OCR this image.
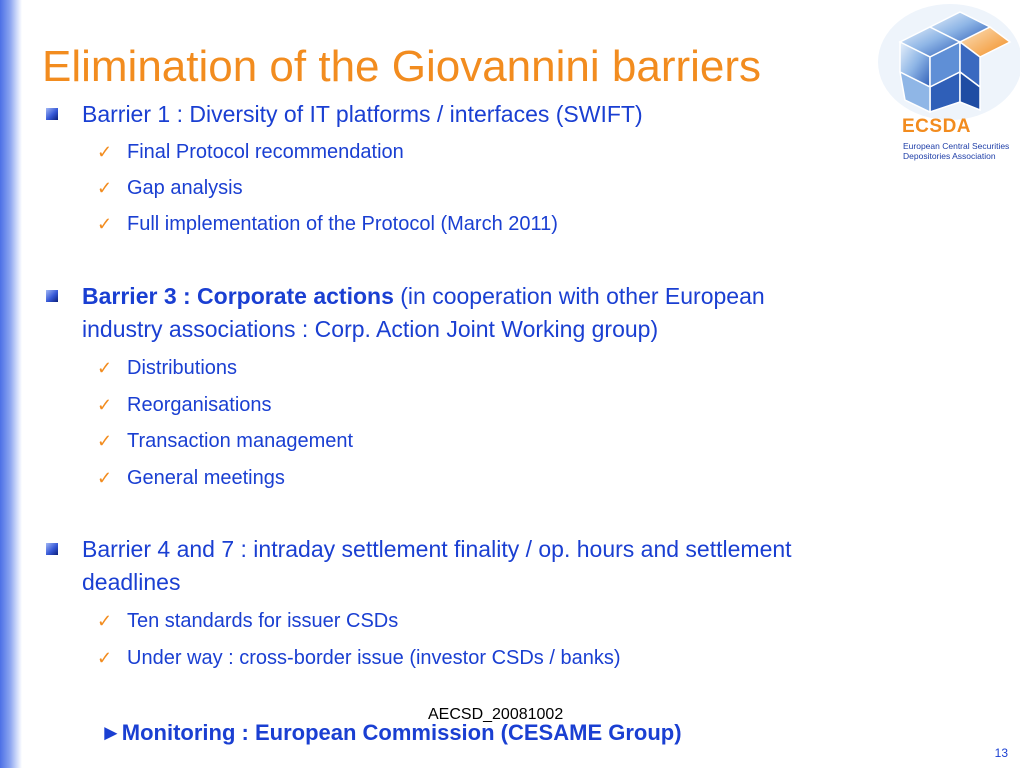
Elimination of the Giovannini barriers
ECSDA
European Central Securities
Depositories Association
Barrier 1 : Diversity of IT platforms / interfaces (SWIFT)
✓ Final Protocol recommendation
✓ Gap analysis
✓ Full implementation of the Protocol (March 2011)
Barrier 3 : Corporate actions (in cooperation with other European
industry associations : Corp. Action Joint Working group)
✓ Distributions
✓ Reorganisations
✓ Transaction management
✓ General meetings
Barrier 4 and 7 : intraday settlement finality / op. hours and settlement
deadlines
✓ Ten standards for issuer CSDs
✓ Under way : cross-border issue (investor CSDs / banks)
AECSD_20081002
►Monitoring : European Commission (CESAME Group)
13
